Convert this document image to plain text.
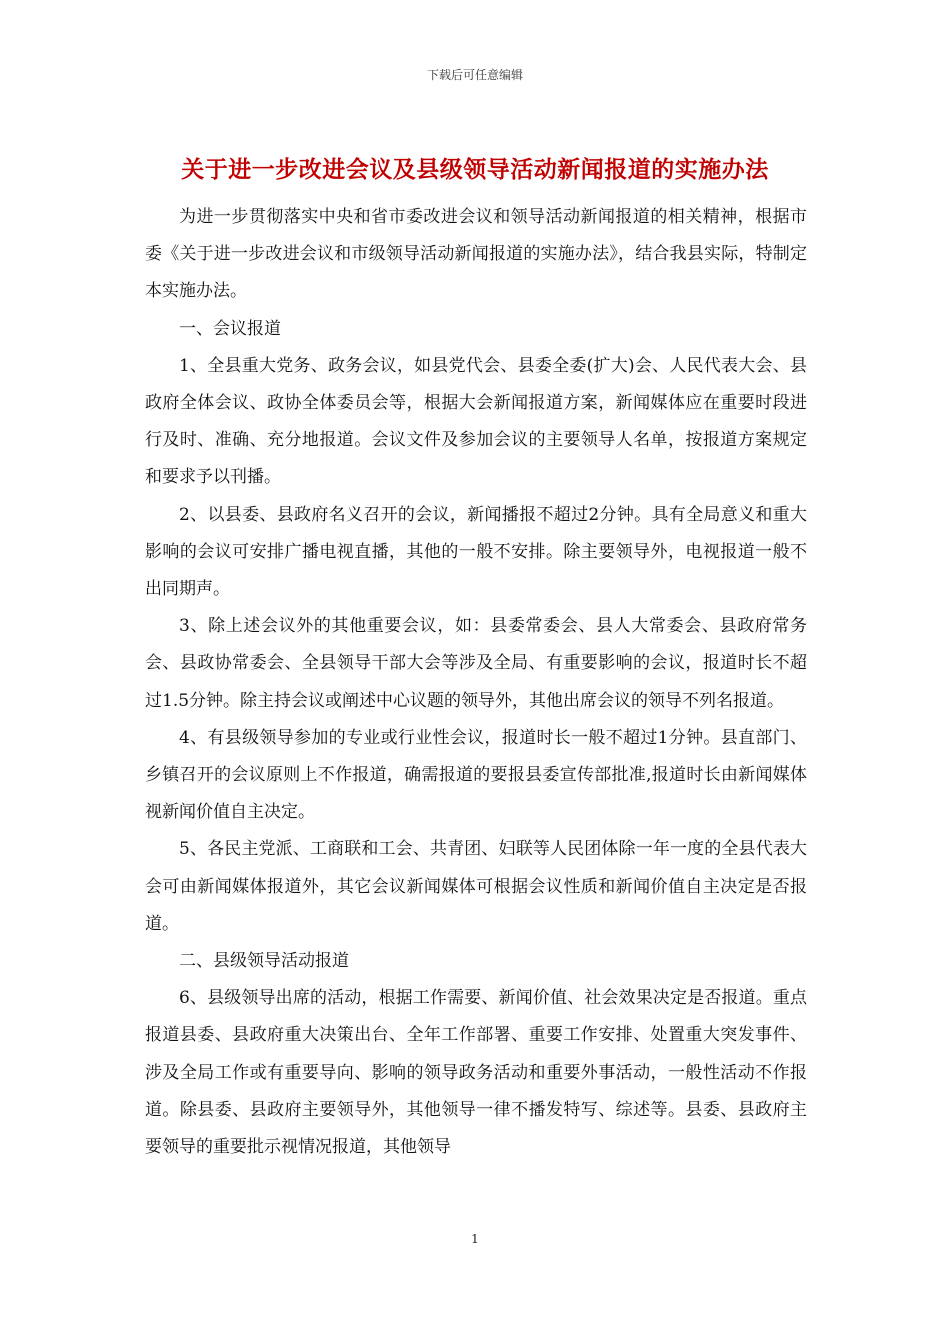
下载后可任意编辑
关于进一步改进会议及县级领导活动新闻报道的实施办法

为进一步贯彻落实中央和省市委改进会议和领导活动新闻报道的相关精神，根据市委《关于进一步改进会议和市级领导活动新闻报道的实施办法》，结合我县实际，特制定本实施办法。

一、会议报道

1、全县重大党务、政务会议，如县党代会、县委全委(扩大)会、人民代表大会、县政府全体会议、政协全体委员会等，根据大会新闻报道方案，新闻媒体应在重要时段进行及时、准确、充分地报道。会议文件及参加会议的主要领导人名单，按报道方案规定和要求予以刊播。

2、以县委、县政府名义召开的会议，新闻播报不超过2分钟。具有全局意义和重大影响的会议可安排广播电视直播，其他的一般不安排。除主要领导外，电视报道一般不出同期声。

3、除上述会议外的其他重要会议，如：县委常委会、县人大常委会、县政府常务会、县政协常委会、全县领导干部大会等涉及全局、有重要影响的会议，报道时长不超过1.5分钟。除主持会议或阐述中心议题的领导外，其他出席会议的领导不列名报道。

4、有县级领导参加的专业或行业性会议，报道时长一般不超过1分钟。县直部门、乡镇召开的会议原则上不作报道，确需报道的要报县委宣传部批准,报道时长由新闻媒体视新闻价值自主决定。

5、各民主党派、工商联和工会、共青团、妇联等人民团体除一年一度的全县代表大会可由新闻媒体报道外，其它会议新闻媒体可根据会议性质和新闻价值自主决定是否报道。

二、县级领导活动报道

6、县级领导出席的活动，根据工作需要、新闻价值、社会效果决定是否报道。重点报道县委、县政府重大决策出台、全年工作部署、重要工作安排、处置重大突发事件、涉及全局工作或有重要导向、影响的领导政务活动和重要外事活动，一般性活动不作报道。除县委、县政府主要领导外，其他领导一律不播发特写、综述等。县委、县政府主要领导的重要批示视情况报道，其他领导

1
